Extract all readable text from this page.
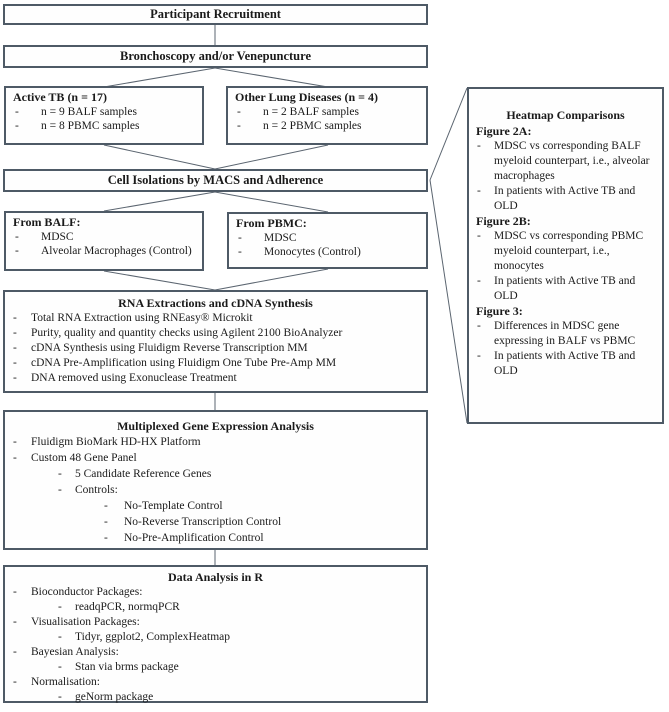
Participant Recruitment
Bronchoscopy and/or Venepuncture
Active TB (n = 17)
-	n = 9 BALF samples
-	n = 8 PBMC samples
Other Lung Diseases (n = 4)
-	n = 2 BALF samples
-	n = 2 PBMC samples
Cell Isolations by MACS and Adherence
From BALF:
-	MDSC
-	Alveolar Macrophages (Control)
From PBMC:
-	MDSC
-	Monocytes (Control)
RNA Extractions and cDNA Synthesis
-	Total RNA Extraction using RNEasy® Microkit
-	Purity, quality and quantity checks using Agilent 2100 BioAnalyzer
-	cDNA Synthesis using Fluidigm Reverse Transcription MM
-	cDNA Pre-Amplification using Fluidigm One Tube Pre-Amp MM
-	DNA removed using Exonuclease Treatment
Multiplexed Gene Expression Analysis
-	Fluidigm BioMark HD-HX Platform
-	Custom 48 Gene Panel
-	5 Candidate Reference Genes
-	Controls:
-	No-Template Control
-	No-Reverse Transcription Control
-	No-Pre-Amplification Control
Data Analysis in R
-	Bioconductor Packages:
-	readqPCR, normqPCR
-	Visualisation Packages:
-	Tidyr, ggplot2, ComplexHeatmap
-	Bayesian Analysis:
-	Stan via brms package
-	Normalisation:
-	geNorm package
Heatmap Comparisons
Figure 2A:
-	MDSC vs corresponding BALF myeloid counterpart, i.e., alveolar macrophages
-	In patients with Active TB and OLD
Figure 2B:
-	MDSC vs corresponding PBMC myeloid counterpart, i.e., monocytes
-	In patients with Active TB and OLD
Figure 3:
-	Differences in MDSC gene expressing in BALF vs PBMC
-	In patients with Active TB and OLD
